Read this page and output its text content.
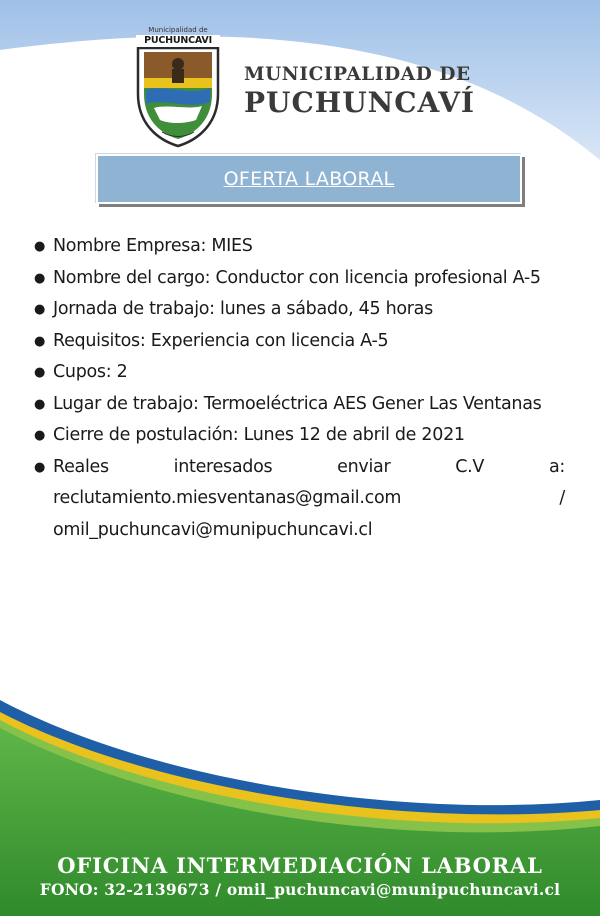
Municipalidad de
PUCHUNCAVI
MUNICIPALIDAD DE
PUCHUNCAVÍ
OFERTA LABORAL
● Nombre Empresa: MIES
● Nombre del cargo: Conductor con licencia profesional A-5
● Jornada de trabajo: lunes a sábado, 45 horas
● Requisitos: Experiencia con licencia A-5
● Cupos: 2
● Lugar de trabajo: Termoeléctrica AES Gener Las Ventanas
● Cierre de postulación: Lunes 12 de abril de 2021
● Reales	interesados	enviar	C.V	a:
reclutamiento.miesventanas@gmail.com	/
omil_puchuncavi@munipuchuncavi.cl
OFICINA INTERMEDIACIÓN LABORAL
FONO: 32-2139673 / omil_puchuncavi@munipuchuncavi.cl
